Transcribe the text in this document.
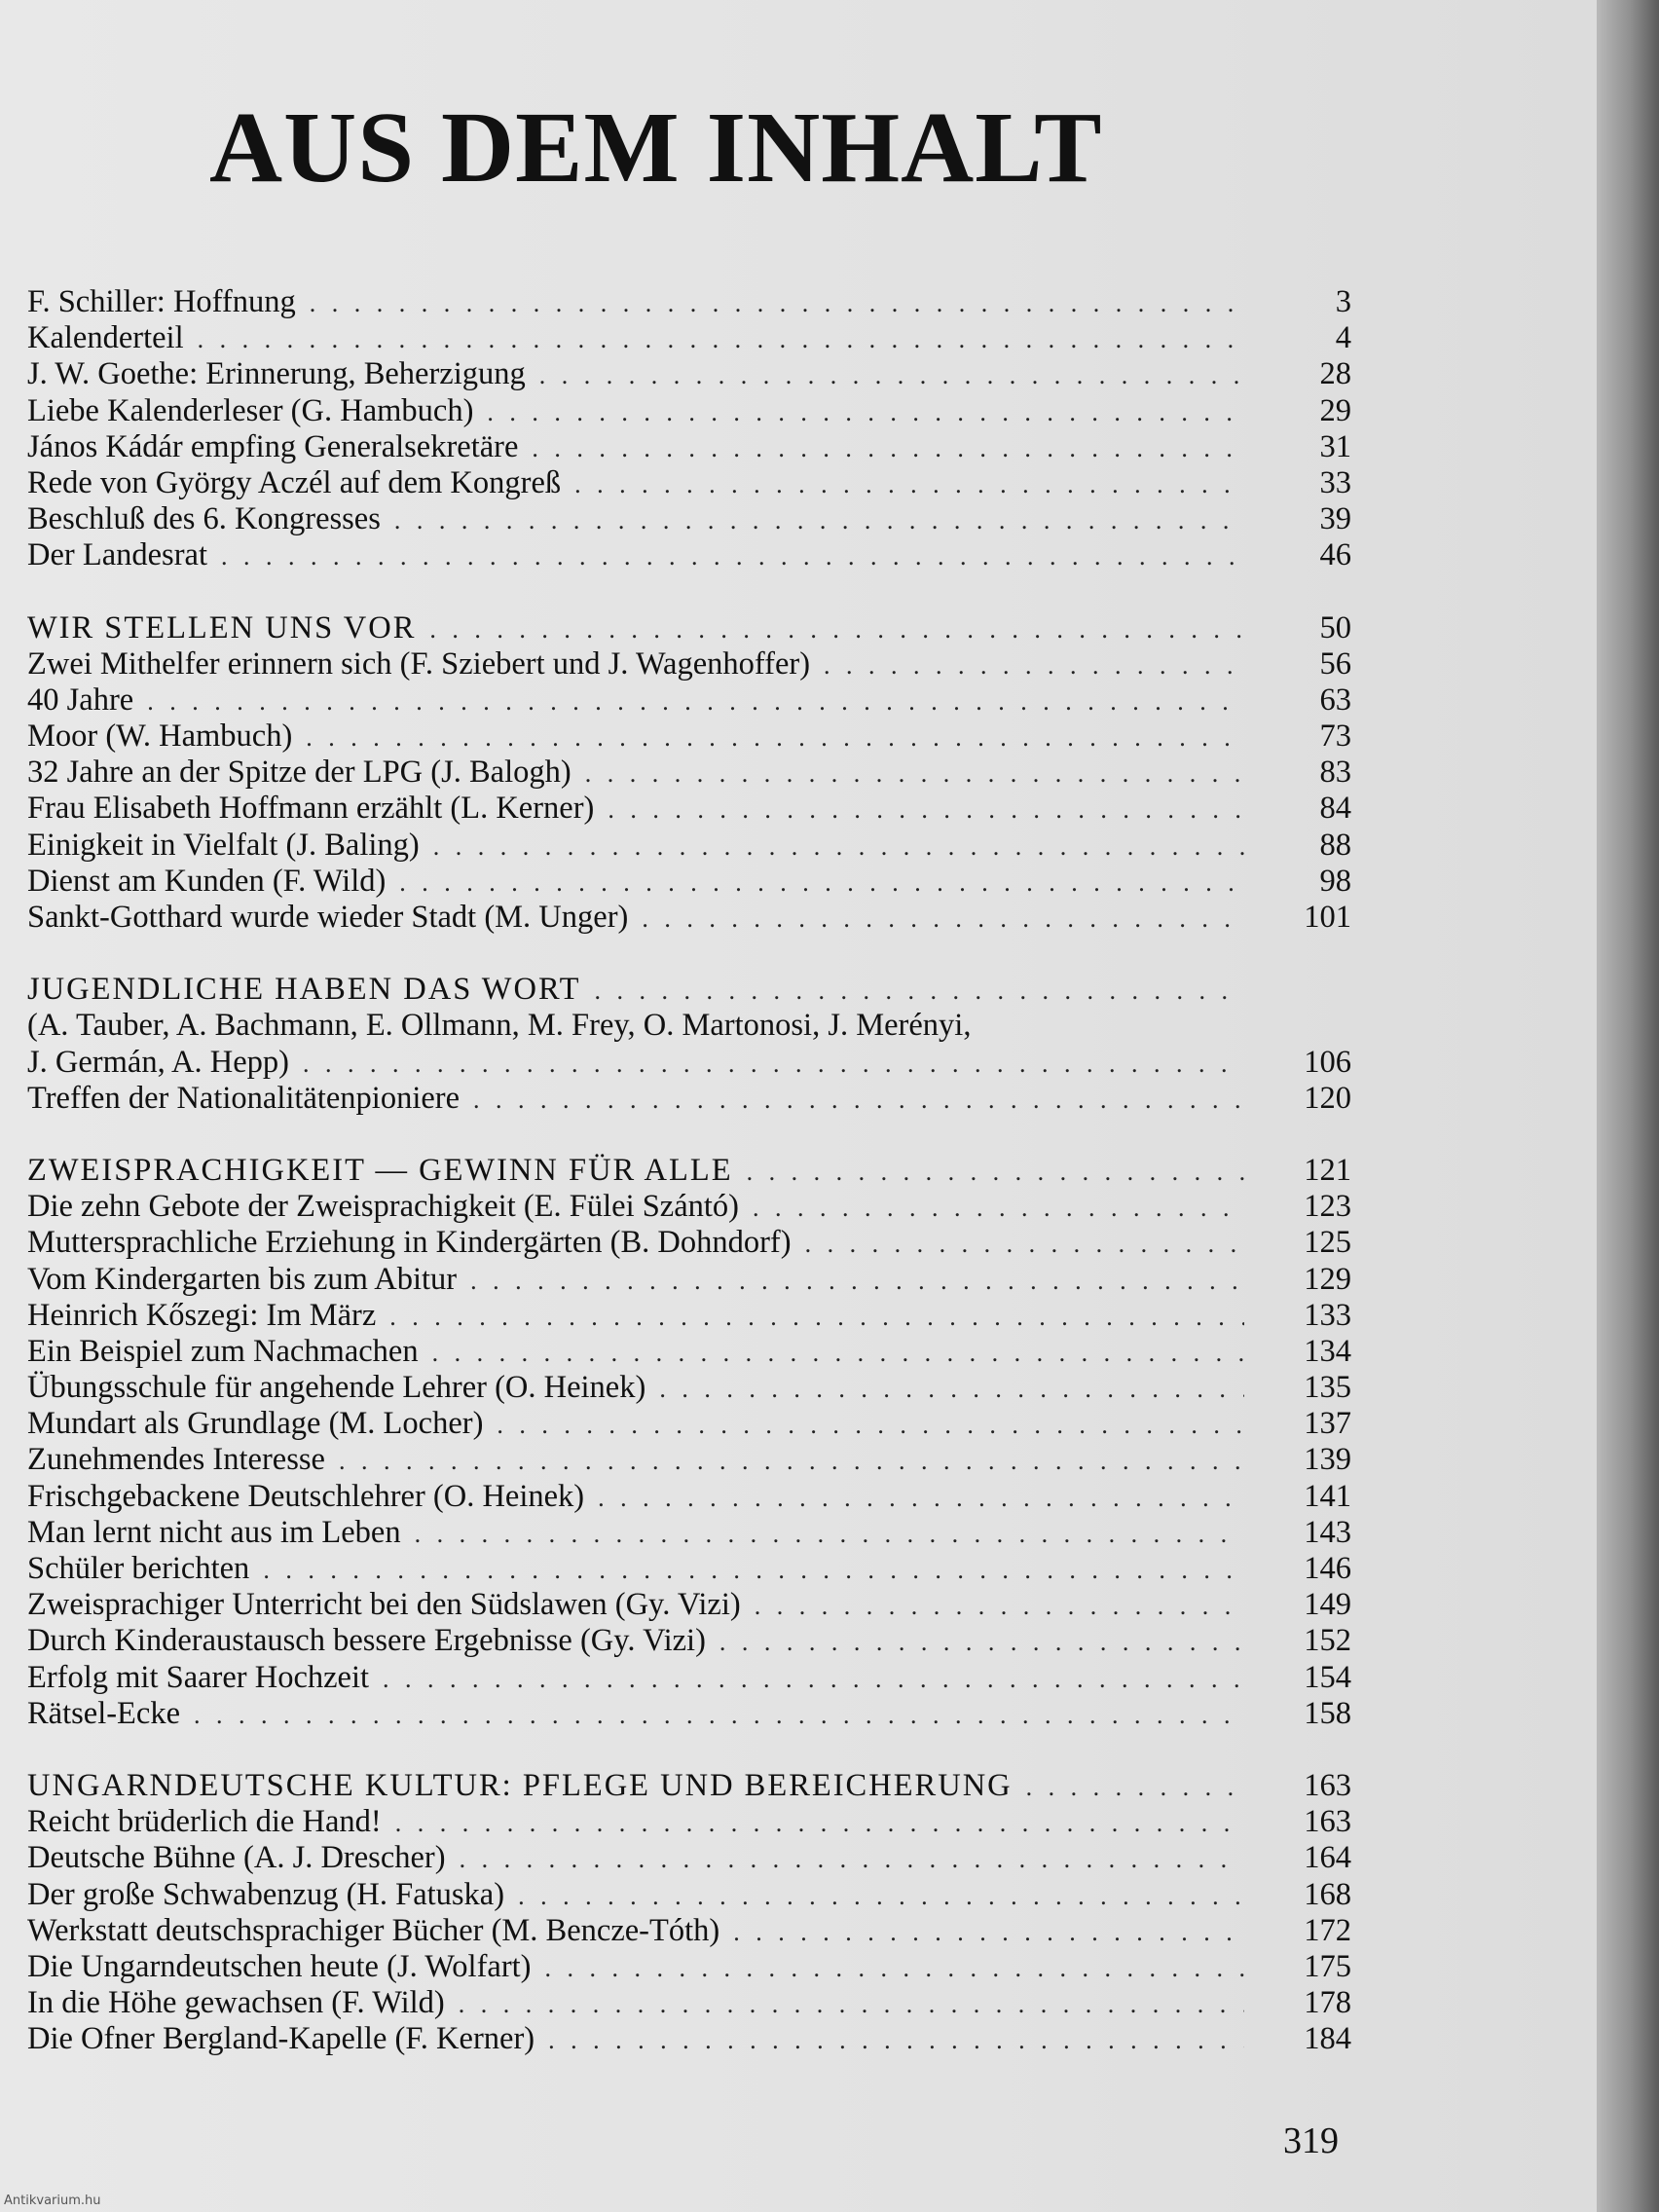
AUS DEM INHALT
F. Schiller: Hoffnung . . .	3
Kalenderteil . . .	4
J. W. Goethe: Erinnerung, Beherzigung . . .	28
Liebe Kalenderleser (G. Hambuch) . . .	29
János Kádár empfing Generalsekretäre . . .	31
Rede von György Aczél auf dem Kongreß . . .	33
Beschluß des 6. Kongresses . . .	39
Der Landesrat . . .	46
WIR STELLEN UNS VOR . . .	50
Zwei Mithelfer erinnern sich (F. Sziebert und J. Wagenhoffer) . . .	56
40 Jahre . . .	63
Moor (W. Hambuch) . . .	73
32 Jahre an der Spitze der LPG (J. Balogh) . . .	83
Frau Elisabeth Hoffmann erzählt (L. Kerner) . . .	84
Einigkeit in Vielfalt (J. Baling) . . .	88
Dienst am Kunden (F. Wild) . . .	98
Sankt-Gotthard wurde wieder Stadt (M. Unger) . . .	101
JUGENDLICHE HABEN DAS WORT
. . .
(A. Tauber, A. Bachmann, E. Ollmann, M. Frey, O. Martonosi, J. Merényi,
J. Germán, A. Hepp) . . .	106
Treffen der Nationalitätenpioniere . . .	120
ZWEISPRACHIGKEIT — GEWINN FÜR ALLE . . .	121
Die zehn Gebote der Zweisprachigkeit (E. Fülei Szántó) . . .	123
Muttersprachliche Erziehung in Kindergärten (B. Dohndorf) . . .	125
Vom Kindergarten bis zum Abitur . . .	129
Heinrich Kőszegi: Im März . . .	133
Ein Beispiel zum Nachmachen . . .	134
Übungsschule für angehende Lehrer (O. Heinek) . . .	135
Mundart als Grundlage (M. Locher) . . .	137
Zunehmendes Interesse . . .	139
Frischgebackene Deutschlehrer (O. Heinek) . . .	141
Man lernt nicht aus im Leben . . .	143
Schüler berichten . . .	146
Zweisprachiger Unterricht bei den Südslawen (Gy. Vizi) . . .	149
Durch Kinderaustausch bessere Ergebnisse (Gy. Vizi) . . .	152
Erfolg mit Saarer Hochzeit . . .	154
Rätsel-Ecke . . .	158
UNGARNDEUTSCHE KULTUR: PFLEGE UND BEREICHERUNG . . .	163
Reicht brüderlich die Hand! . . .	163
Deutsche Bühne (A. J. Drescher) . . .	164
Der große Schwabenzug (H. Fatuska) . . .	168
Werkstatt deutschsprachiger Bücher (M. Bencze-Tóth) . . .	172
Die Ungarndeutschen heute (J. Wolfart) . . .	175
In die Höhe gewachsen (F. Wild) . . .	178
Die Ofner Bergland-Kapelle (F. Kerner) . . .	184
319
Antikvarium.hu
